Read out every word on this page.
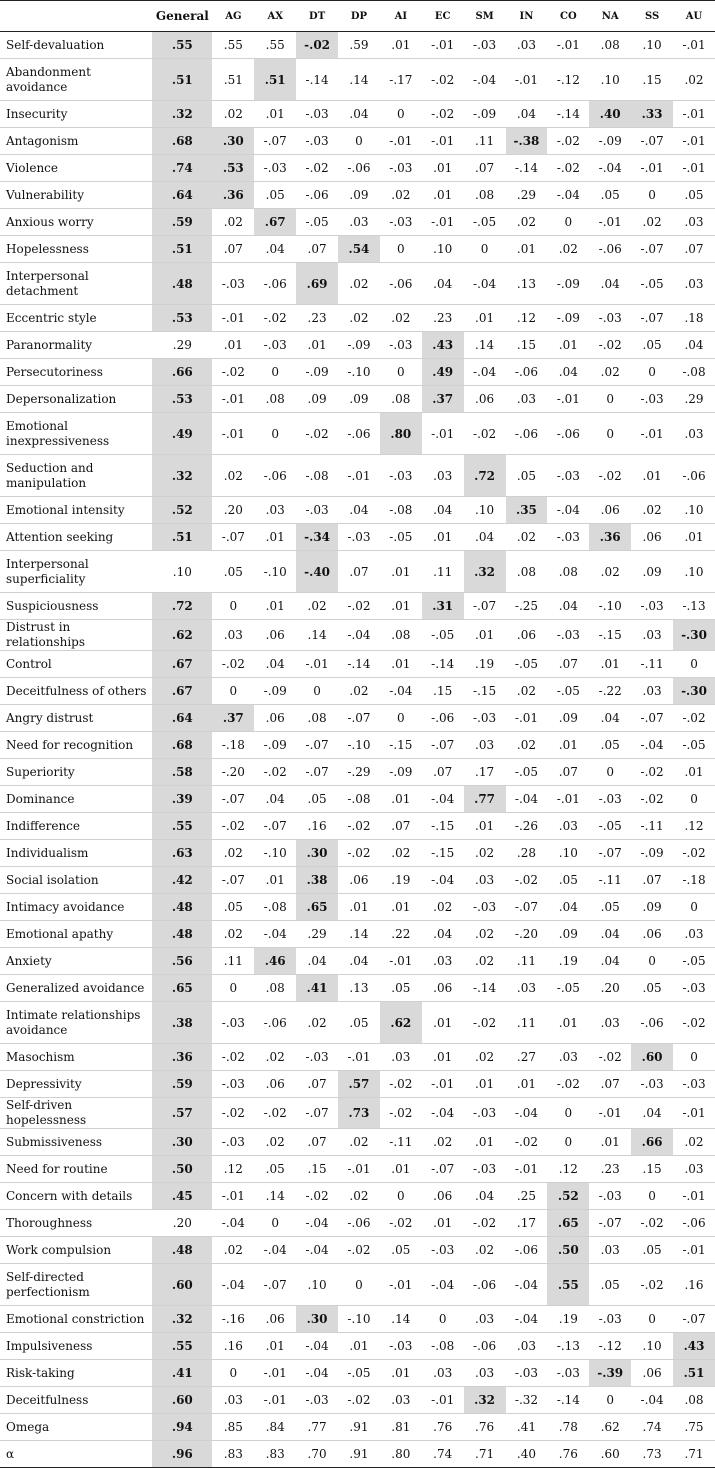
	General	AG	AX	DT	DP	AI	EC	SM	IN	CO	NA	SS	AU
Self-devaluation	.55	.55	.55	-.02	.59	.01	-.01	-.03	.03	-.01	.08	.10	-.01
Abandonment avoidance	.51	.51	.51	-.14	.14	-.17	-.02	-.04	-.01	-.12	.10	.15	.02
Insecurity	.32	.02	.01	-.03	.04	0	-.02	-.09	.04	-.14	.40	.33	-.01
Antagonism	.68	.30	-.07	-.03	0	-.01	-.01	.11	-.38	-.02	-.09	-.07	-.01
Violence	.74	.53	-.03	-.02	-.06	-.03	.01	.07	-.14	-.02	-.04	-.01	-.01
Vulnerability	.64	.36	.05	-.06	.09	.02	.01	.08	.29	-.04	.05	0	.05
Anxious worry	.59	.02	.67	-.05	.03	-.03	-.01	-.05	.02	0	-.01	.02	.03
Hopelessness	.51	.07	.04	.07	.54	0	.10	0	.01	.02	-.06	-.07	.07
Interpersonal detachment	.48	-.03	-.06	.69	.02	-.06	.04	-.04	.13	-.09	.04	-.05	.03
Eccentric style	.53	-.01	-.02	.23	.02	.02	.23	.01	.12	-.09	-.03	-.07	.18
Paranormality	.29	.01	-.03	.01	-.09	-.03	.43	.14	.15	.01	-.02	.05	.04
Persecutoriness	.66	-.02	0	-.09	-.10	0	.49	-.04	-.06	.04	.02	0	-.08
Depersonalization	.53	-.01	.08	.09	.09	.08	.37	.06	.03	-.01	0	-.03	.29
Emotional inexpressiveness	.49	-.01	0	-.02	-.06	.80	-.01	-.02	-.06	-.06	0	-.01	.03
Seduction and manipulation	.32	.02	-.06	-.08	-.01	-.03	.03	.72	.05	-.03	-.02	.01	-.06
Emotional intensity	.52	.20	.03	-.03	.04	-.08	.04	.10	.35	-.04	.06	.02	.10
Attention seeking	.51	-.07	.01	-.34	-.03	-.05	.01	.04	.02	-.03	.36	.06	.01
Interpersonal superficiality	.10	.05	-.10	-.40	.07	.01	.11	.32	.08	.08	.02	.09	.10
Suspiciousness	.72	0	.01	.02	-.02	.01	.31	-.07	-.25	.04	-.10	-.03	-.13
Distrust in relationships	.62	.03	.06	.14	-.04	.08	-.05	.01	.06	-.03	-.15	.03	-.30
Control	.67	-.02	.04	-.01	-.14	.01	-.14	.19	-.05	.07	.01	-.11	0
Deceitfulness of others	.67	0	-.09	0	.02	-.04	.15	-.15	.02	-.05	-.22	.03	-.30
Angry distrust	.64	.37	.06	.08	-.07	0	-.06	-.03	-.01	.09	.04	-.07	-.02
Need for recognition	.68	-.18	-.09	-.07	-.10	-.15	-.07	.03	.02	.01	.05	-.04	-.05
Superiority	.58	-.20	-.02	-.07	-.29	-.09	.07	.17	-.05	.07	0	-.02	.01
Dominance	.39	-.07	.04	.05	-.08	.01	-.04	.77	-.04	-.01	-.03	-.02	0
Indifference	.55	-.02	-.07	.16	-.02	.07	-.15	.01	-.26	.03	-.05	-.11	.12
Individualism	.63	.02	-.10	.30	-.02	.02	-.15	.02	.28	.10	-.07	-.09	-.02
Social isolation	.42	-.07	.01	.38	.06	.19	-.04	.03	-.02	.05	-.11	.07	-.18
Intimacy avoidance	.48	.05	-.08	.65	.01	.01	.02	-.03	-.07	.04	.05	.09	0
Emotional apathy	.48	.02	-.04	.29	.14	.22	.04	.02	-.20	.09	.04	.06	.03
Anxiety	.56	.11	.46	.04	.04	-.01	.03	.02	.11	.19	.04	0	-.05
Generalized avoidance	.65	0	.08	.41	.13	.05	.06	-.14	.03	-.05	.20	.05	-.03
Intimate relationships avoidance	.38	-.03	-.06	.02	.05	.62	.01	-.02	.11	.01	.03	-.06	-.02
Masochism	.36	-.02	.02	-.03	-.01	.03	.01	.02	.27	.03	-.02	.60	0
Depressivity	.59	-.03	.06	.07	.57	-.02	-.01	.01	.01	-.02	.07	-.03	-.03
Self-driven hopelessness	.57	-.02	-.02	-.07	.73	-.02	-.04	-.03	-.04	0	-.01	.04	-.01
Submissiveness	.30	-.03	.02	.07	.02	-.11	.02	.01	-.02	0	.01	.66	.02
Need for routine	.50	.12	.05	.15	-.01	.01	-.07	-.03	-.01	.12	.23	.15	.03
Concern with details	.45	-.01	.14	-.02	.02	0	.06	.04	.25	.52	-.03	0	-.01
Thoroughness	.20	-.04	0	-.04	-.06	-.02	.01	-.02	.17	.65	-.07	-.02	-.06
Work compulsion	.48	.02	-.04	-.04	-.02	.05	-.03	.02	-.06	.50	.03	.05	-.01
Self-directed perfectionism	.60	-.04	-.07	.10	0	-.01	-.04	-.06	-.04	.55	.05	-.02	.16
Emotional constriction	.32	-.16	.06	.30	-.10	.14	0	.03	-.04	.19	-.03	0	-.07
Impulsiveness	.55	.16	.01	-.04	.01	-.03	-.08	-.06	.03	-.13	-.12	.10	.43
Risk-taking	.41	0	-.01	-.04	-.05	.01	.03	.03	-.03	-.03	-.39	.06	.51
Deceitfulness	.60	.03	-.01	-.03	-.02	.03	-.01	.32	-.32	-.14	0	-.04	.08
Omega	.94	.85	.84	.77	.91	.81	.76	.76	.41	.78	.62	.74	.75
α	.96	.83	.83	.70	.91	.80	.74	.71	.40	.76	.60	.73	.71
